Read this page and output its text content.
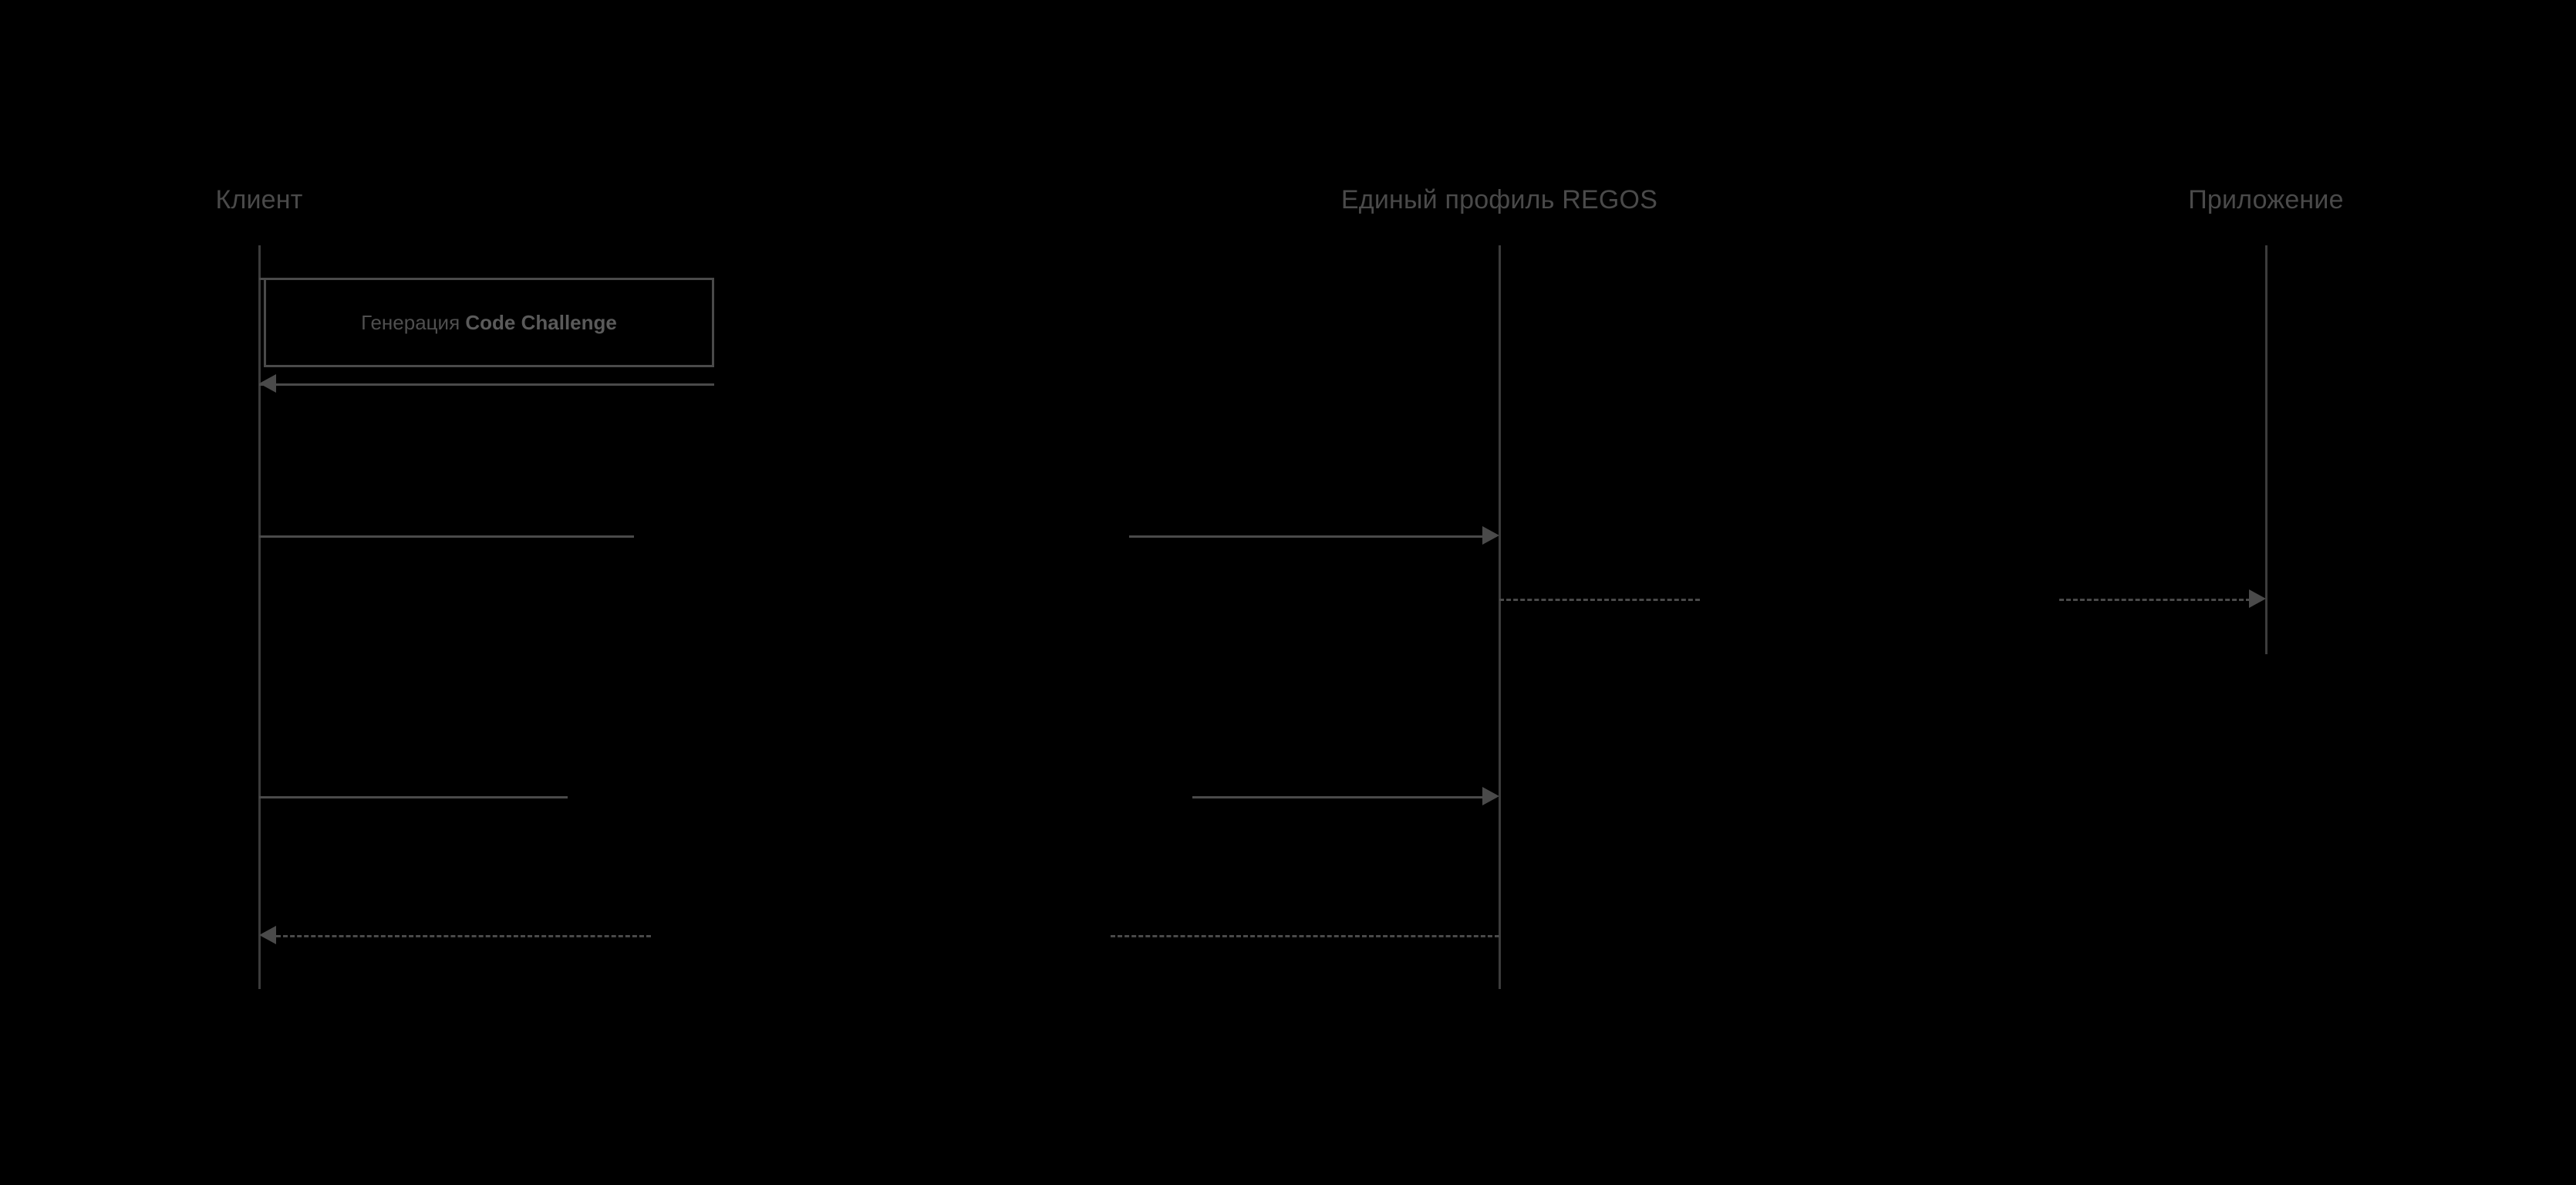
Клиент	Единый профиль REGOS	Приложение
Генерация Code Challenge
